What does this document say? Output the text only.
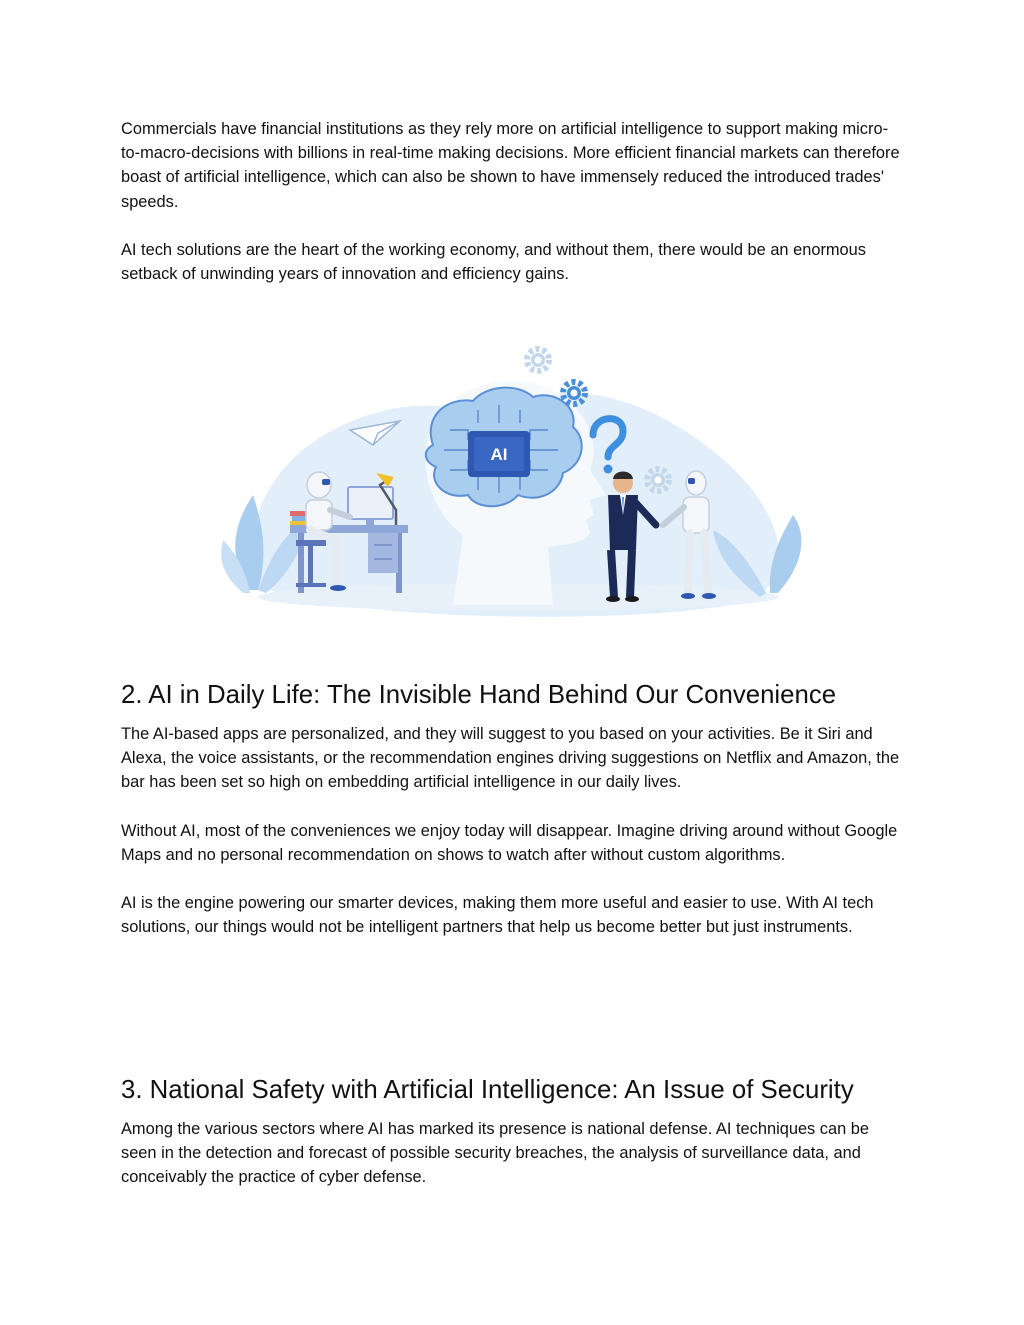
Commercials have financial institutions as they rely more on artificial intelligence to support making micro-to-macro-decisions with billions in real-time making decisions. More efficient financial markets can therefore boast of artificial intelligence, which can also be shown to have immensely reduced the introduced trades' speeds.

AI tech solutions are the heart of the working economy, and without them, there would be an enormous setback of unwinding years of innovation and efficiency gains.

AI
2. AI in Daily Life: The Invisible Hand Behind Our Convenience

The AI-based apps are personalized, and they will suggest to you based on your activities. Be it Siri and Alexa, the voice assistants, or the recommendation engines driving suggestions on Netflix and Amazon, the bar has been set so high on embedding artificial intelligence in our daily lives.

Without AI, most of the conveniences we enjoy today will disappear. Imagine driving around without Google Maps and no personal recommendation on shows to watch after without custom algorithms.

AI is the engine powering our smarter devices, making them more useful and easier to use. With AI tech solutions, our things would not be intelligent partners that help us become better but just instruments.

3. National Safety with Artificial Intelligence: An Issue of Security

Among the various sectors where AI has marked its presence is national defense. AI techniques can be seen in the detection and forecast of possible security breaches, the analysis of surveillance data, and conceivably the practice of cyber defense.
